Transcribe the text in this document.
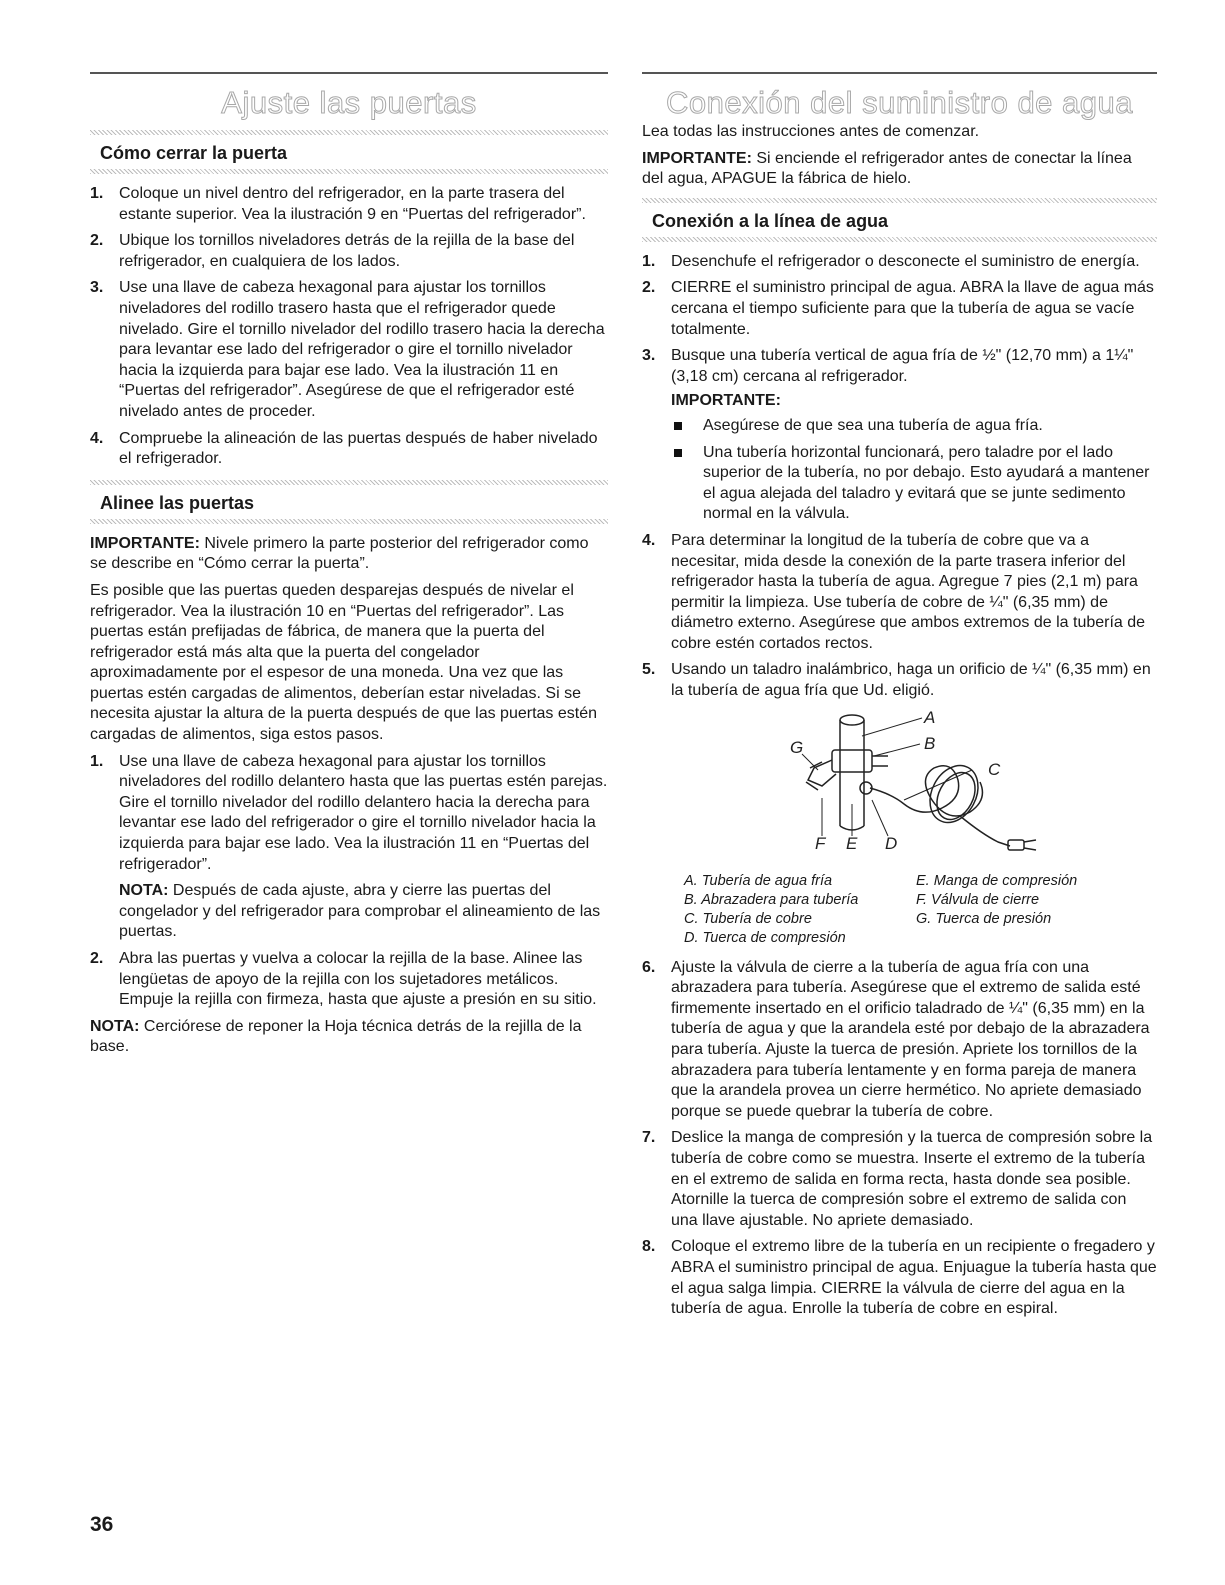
Ajuste las puertas
Cómo cerrar la puerta
1. Coloque un nivel dentro del refrigerador, en la parte trasera del estante superior. Vea la ilustración 9 en “Puertas del refrigerador”.
2. Ubique los tornillos niveladores detrás de la rejilla de la base del refrigerador, en cualquiera de los lados.
3. Use una llave de cabeza hexagonal para ajustar los tornillos niveladores del rodillo trasero hasta que el refrigerador quede nivelado. Gire el tornillo nivelador del rodillo trasero hacia la derecha para levantar ese lado del refrigerador o gire el tornillo nivelador hacia la izquierda para bajar ese lado. Vea la ilustración 11 en “Puertas del refrigerador”. Asegúrese de que el refrigerador esté nivelado antes de proceder.
4. Compruebe la alineación de las puertas después de haber nivelado el refrigerador.
Alinee las puertas

IMPORTANTE: Nivele primero la parte posterior del refrigerador como se describe en “Cómo cerrar la puerta”.

Es posible que las puertas queden desparejas después de nivelar el refrigerador. Vea la ilustración 10 en “Puertas del refrigerador”. Las puertas están prefijadas de fábrica, de manera que la puerta del refrigerador está más alta que la puerta del congelador aproximadamente por el espesor de una moneda. Una vez que las puertas estén cargadas de alimentos, deberían estar niveladas. Si se necesita ajustar la altura de la puerta después de que las puertas estén cargadas de alimentos, siga estos pasos.

1. Use una llave de cabeza hexagonal para ajustar los tornillos niveladores del rodillo delantero hasta que las puertas estén parejas. Gire el tornillo nivelador del rodillo delantero hacia la derecha para levantar ese lado del refrigerador o gire el tornillo nivelador hacia la izquierda para bajar ese lado. Vea la ilustración 11 en “Puertas del refrigerador”.

NOTA: Después de cada ajuste, abra y cierre las puertas del congelador y del refrigerador para comprobar el alineamiento de las puertas.

2. Abra las puertas y vuelva a colocar la rejilla de la base. Alinee las lengüetas de apoyo de la rejilla con los sujetadores metálicos. Empuje la rejilla con firmeza, hasta que ajuste a presión en su sitio.

NOTA: Cerciórese de reponer la Hoja técnica detrás de la rejilla de la base.

Conexión del suministro de agua

Lea todas las instrucciones antes de comenzar.

IMPORTANTE: Si enciende el refrigerador antes de conectar la línea del agua, APAGUE la fábrica de hielo.

Conexión a la línea de agua
1. Desenchufe el refrigerador o desconecte el suministro de energía.
2. CIERRE el suministro principal de agua. ABRA la llave de agua más cercana el tiempo suficiente para que la tubería de agua se vacíe totalmente.
3. Busque una tubería vertical de agua fría de ½" (12,70 mm) a 1¼" (3,18 cm) cercana al refrigerador.

IMPORTANTE:

Asegúrese de que sea una tubería de agua fría.
Una tubería horizontal funcionará, pero taladre por el lado superior de la tubería, no por debajo. Esto ayudará a mantener el agua alejada del taladro y evitará que se junte sedimento normal en la válvula.
4. Para determinar la longitud de la tubería de cobre que va a necesitar, mida desde la conexión de la parte trasera inferior del refrigerador hasta la tubería de agua. Agregue 7 pies (2,1 m) para permitir la limpieza. Use tubería de cobre de ¼" (6,35 mm) de diámetro externo. Asegúrese que ambos extremos de la tubería de cobre estén cortados rectos.
5. Usando un taladro inalámbrico, haga un orificio de ¼" (6,35 mm) en la tubería de agua fría que Ud. eligió.
A
B
C
G
F E D
A. Tubería de agua fría	E. Manga de compresión
B. Abrazadera para tubería	F. Válvula de cierre
C. Tubería de cobre	G. Tuerca de presión
D. Tuerca de compresión
6. Ajuste la válvula de cierre a la tubería de agua fría con una abrazadera para tubería. Asegúrese que el extremo de salida esté firmemente insertado en el orificio taladrado de ¼" (6,35 mm) en la tubería de agua y que la arandela esté por debajo de la abrazadera para tubería. Ajuste la tuerca de presión. Apriete los tornillos de la abrazadera para tubería lentamente y en forma pareja de manera que la arandela provea un cierre hermético. No apriete demasiado porque se puede quebrar la tubería de cobre.
7. Deslice la manga de compresión y la tuerca de compresión sobre la tubería de cobre como se muestra. Inserte el extremo de la tubería en el extremo de salida en forma recta, hasta donde sea posible. Atornille la tuerca de compresión sobre el extremo de salida con una llave ajustable. No apriete demasiado.
8. Coloque el extremo libre de la tubería en un recipiente o fregadero y ABRA el suministro principal de agua. Enjuague la tubería hasta que el agua salga limpia. CIERRE la válvula de cierre del agua en la tubería de agua. Enrolle la tubería de cobre en espiral.
36
